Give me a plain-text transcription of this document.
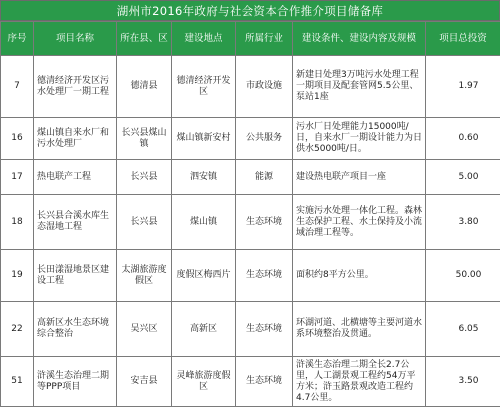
湖州市2016年政府与社会资本合作推介项目储备库
序号	项目名称	所在县、区	建设地点	所属行业	建设条件、建设内容及规模	项目总投资
7	德清经济开发区污水处理厂一期工程	德清县	德清经济开发区	市政设施	新建日处理3万吨污水处理工程一期项目及配套管网5.5公里、泵站1座	1.97
16	煤山镇自来水厂和污水处理厂	长兴县煤山镇	煤山镇新安村	公共服务	污水厂日处理能力15000吨/日，自来水厂一期设计能力为日供水5000吨/日。	0.60
17	热电联产工程	长兴县	泗安镇	能源	建设热电联产项目一座	5.00
18	长兴县合溪水库生态湿地工程	长兴县	煤山镇	生态环境	实施污水处理一体化工程。森林生态保护工程、水土保持及小流域治理工程等。	3.80
19	长田漾湿地景区建设工程	太湖旅游度假区	度假区梅西片	生态环境	面积约8平方公里。	50.00
22	高新区水生态环境综合整治	吴兴区	高新区	生态环境	环湖河道、北横塘等主要河道水系环境整治及贯通。	6.05
51	浒溪生态治理二期等PPP项目	安吉县	灵峰旅游度假区	生态环境	浒溪生态治理二期全长2.7公里，人工湖景观工程约54万平方米；浒玉路景观改造工程约4.7公里。	3.50
